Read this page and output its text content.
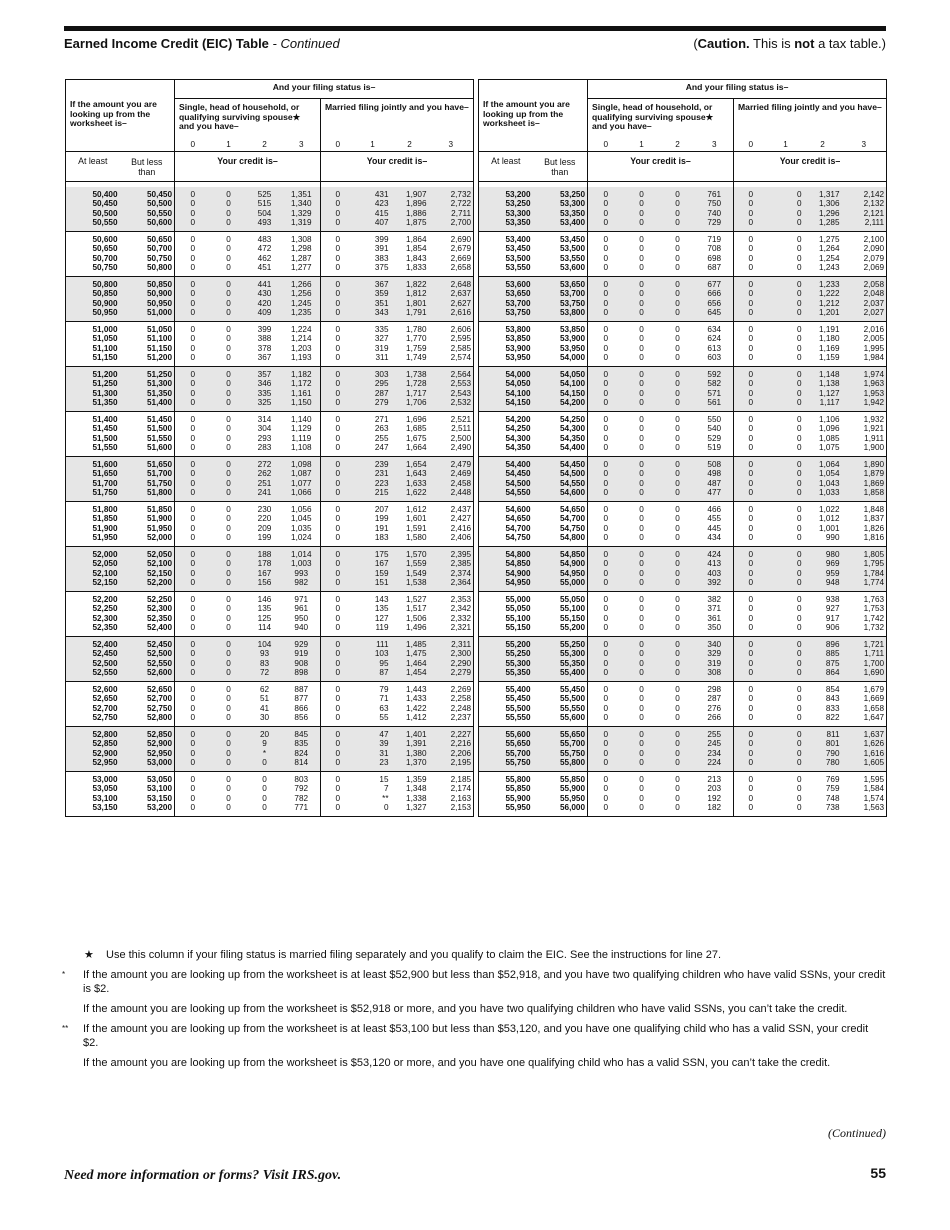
Earned Income Credit (EIC) Table - Continued	(Caution. This is not a tax table.)
If the amount you are looking up from the worksheet is–		And your filing status is–							
		Single, head of household, or qualifying surviving spouse★ and you have–				Married filing jointly and you have–			
		0	1	2	3	0	1	2	3
At least	But less than	Your credit is–				Your credit is–			

50,400	50,450	0	0	525	1,351	0	431	1,907	2,732
50,450	50,500	0	0	515	1,340	0	423	1,896	2,722
50,500	50,550	0	0	504	1,329	0	415	1,886	2,711
50,550	50,600	0	0	493	1,319	0	407	1,875	2,700
50,600	50,650	0	0	483	1,308	0	399	1,864	2,690
50,650	50,700	0	0	472	1,298	0	391	1,854	2,679
50,700	50,750	0	0	462	1,287	0	383	1,843	2,669
50,750	50,800	0	0	451	1,277	0	375	1,833	2,658
50,800	50,850	0	0	441	1,266	0	367	1,822	2,648
50,850	50,900	0	0	430	1,256	0	359	1,812	2,637
50,900	50,950	0	0	420	1,245	0	351	1,801	2,627
50,950	51,000	0	0	409	1,235	0	343	1,791	2,616
51,000	51,050	0	0	399	1,224	0	335	1,780	2,606
51,050	51,100	0	0	388	1,214	0	327	1,770	2,595
51,100	51,150	0	0	378	1,203	0	319	1,759	2,585
51,150	51,200	0	0	367	1,193	0	311	1,749	2,574
51,200	51,250	0	0	357	1,182	0	303	1,738	2,564
51,250	51,300	0	0	346	1,172	0	295	1,728	2,553
51,300	51,350	0	0	335	1,161	0	287	1,717	2,543
51,350	51,400	0	0	325	1,150	0	279	1,706	2,532
51,400	51,450	0	0	314	1,140	0	271	1,696	2,521
51,450	51,500	0	0	304	1,129	0	263	1,685	2,511
51,500	51,550	0	0	293	1,119	0	255	1,675	2,500
51,550	51,600	0	0	283	1,108	0	247	1,664	2,490
51,600	51,650	0	0	272	1,098	0	239	1,654	2,479
51,650	51,700	0	0	262	1,087	0	231	1,643	2,469
51,700	51,750	0	0	251	1,077	0	223	1,633	2,458
51,750	51,800	0	0	241	1,066	0	215	1,622	2,448
51,800	51,850	0	0	230	1,056	0	207	1,612	2,437
51,850	51,900	0	0	220	1,045	0	199	1,601	2,427
51,900	51,950	0	0	209	1,035	0	191	1,591	2,416
51,950	52,000	0	0	199	1,024	0	183	1,580	2,406
52,000	52,050	0	0	188	1,014	0	175	1,570	2,395
52,050	52,100	0	0	178	1,003	0	167	1,559	2,385
52,100	52,150	0	0	167	993	0	159	1,549	2,374
52,150	52,200	0	0	156	982	0	151	1,538	2,364
52,200	52,250	0	0	146	971	0	143	1,527	2,353
52,250	52,300	0	0	135	961	0	135	1,517	2,342
52,300	52,350	0	0	125	950	0	127	1,506	2,332
52,350	52,400	0	0	114	940	0	119	1,496	2,321
52,400	52,450	0	0	104	929	0	111	1,485	2,311
52,450	52,500	0	0	93	919	0	103	1,475	2,300
52,500	52,550	0	0	83	908	0	95	1,464	2,290
52,550	52,600	0	0	72	898	0	87	1,454	2,279
52,600	52,650	0	0	62	887	0	79	1,443	2,269
52,650	52,700	0	0	51	877	0	71	1,433	2,258
52,700	52,750	0	0	41	866	0	63	1,422	2,248
52,750	52,800	0	0	30	856	0	55	1,412	2,237
52,800	52,850	0	0	20	845	0	47	1,401	2,227
52,850	52,900	0	0	9	835	0	39	1,391	2,216
52,900	52,950	0	0	*	824	0	31	1,380	2,206
52,950	53,000	0	0	0	814	0	23	1,370	2,195
53,000	53,050	0	0	0	803	0	15	1,359	2,185
53,050	53,100	0	0	0	792	0	7	1,348	2,174
53,100	53,150	0	0	0	782	0	**	1,338	2,163
53,150	53,200	0	0	0	771	0	0	1,327	2,153
If the amount you are looking up from the worksheet is–		And your filing status is–							
		Single, head of household, or qualifying surviving spouse★ and you have–				Married filing jointly and you have–			
		0	1	2	3	0	1	2	3
At least	But less than	Your credit is–				Your credit is–			

53,200	53,250	0	0	0	761	0	0	1,317	2,142
53,250	53,300	0	0	0	750	0	0	1,306	2,132
53,300	53,350	0	0	0	740	0	0	1,296	2,121
53,350	53,400	0	0	0	729	0	0	1,285	2,111
53,400	53,450	0	0	0	719	0	0	1,275	2,100
53,450	53,500	0	0	0	708	0	0	1,264	2,090
53,500	53,550	0	0	0	698	0	0	1,254	2,079
53,550	53,600	0	0	0	687	0	0	1,243	2,069
53,600	53,650	0	0	0	677	0	0	1,233	2,058
53,650	53,700	0	0	0	666	0	0	1,222	2,048
53,700	53,750	0	0	0	656	0	0	1,212	2,037
53,750	53,800	0	0	0	645	0	0	1,201	2,027
53,800	53,850	0	0	0	634	0	0	1,191	2,016
53,850	53,900	0	0	0	624	0	0	1,180	2,005
53,900	53,950	0	0	0	613	0	0	1,169	1,995
53,950	54,000	0	0	0	603	0	0	1,159	1,984
54,000	54,050	0	0	0	592	0	0	1,148	1,974
54,050	54,100	0	0	0	582	0	0	1,138	1,963
54,100	54,150	0	0	0	571	0	0	1,127	1,953
54,150	54,200	0	0	0	561	0	0	1,117	1,942
54,200	54,250	0	0	0	550	0	0	1,106	1,932
54,250	54,300	0	0	0	540	0	0	1,096	1,921
54,300	54,350	0	0	0	529	0	0	1,085	1,911
54,350	54,400	0	0	0	519	0	0	1,075	1,900
54,400	54,450	0	0	0	508	0	0	1,064	1,890
54,450	54,500	0	0	0	498	0	0	1,054	1,879
54,500	54,550	0	0	0	487	0	0	1,043	1,869
54,550	54,600	0	0	0	477	0	0	1,033	1,858
54,600	54,650	0	0	0	466	0	0	1,022	1,848
54,650	54,700	0	0	0	455	0	0	1,012	1,837
54,700	54,750	0	0	0	445	0	0	1,001	1,826
54,750	54,800	0	0	0	434	0	0	990	1,816
54,800	54,850	0	0	0	424	0	0	980	1,805
54,850	54,900	0	0	0	413	0	0	969	1,795
54,900	54,950	0	0	0	403	0	0	959	1,784
54,950	55,000	0	0	0	392	0	0	948	1,774
55,000	55,050	0	0	0	382	0	0	938	1,763
55,050	55,100	0	0	0	371	0	0	927	1,753
55,100	55,150	0	0	0	361	0	0	917	1,742
55,150	55,200	0	0	0	350	0	0	906	1,732
55,200	55,250	0	0	0	340	0	0	896	1,721
55,250	55,300	0	0	0	329	0	0	885	1,711
55,300	55,350	0	0	0	319	0	0	875	1,700
55,350	55,400	0	0	0	308	0	0	864	1,690
55,400	55,450	0	0	0	298	0	0	854	1,679
55,450	55,500	0	0	0	287	0	0	843	1,669
55,500	55,550	0	0	0	276	0	0	833	1,658
55,550	55,600	0	0	0	266	0	0	822	1,647
55,600	55,650	0	0	0	255	0	0	811	1,637
55,650	55,700	0	0	0	245	0	0	801	1,626
55,700	55,750	0	0	0	234	0	0	790	1,616
55,750	55,800	0	0	0	224	0	0	780	1,605
55,800	55,850	0	0	0	213	0	0	769	1,595
55,850	55,900	0	0	0	203	0	0	759	1,584
55,900	55,950	0	0	0	192	0	0	748	1,574
55,950	56,000	0	0	0	182	0	0	738	1,563
★ Use this column if your filing status is married filing separately and you qualify to claim the EIC. See the instructions for line 27.
* If the amount you are looking up from the worksheet is at least $52,900 but less than $52,918, and you have two qualifying children who have valid SSNs, your credit is $2.
If the amount you are looking up from the worksheet is $52,918 or more, and you have two qualifying children who have valid SSNs, you can’t take the credit.
** If the amount you are looking up from the worksheet is at least $53,100 but less than $53,120, and you have one qualifying child who has a valid SSN, your credit $2.
If the amount you are looking up from the worksheet is $53,120 or more, and you have one qualifying child who has a valid SSN, you can’t take the credit.
(Continued)
Need more information or forms? Visit IRS.gov.	55
